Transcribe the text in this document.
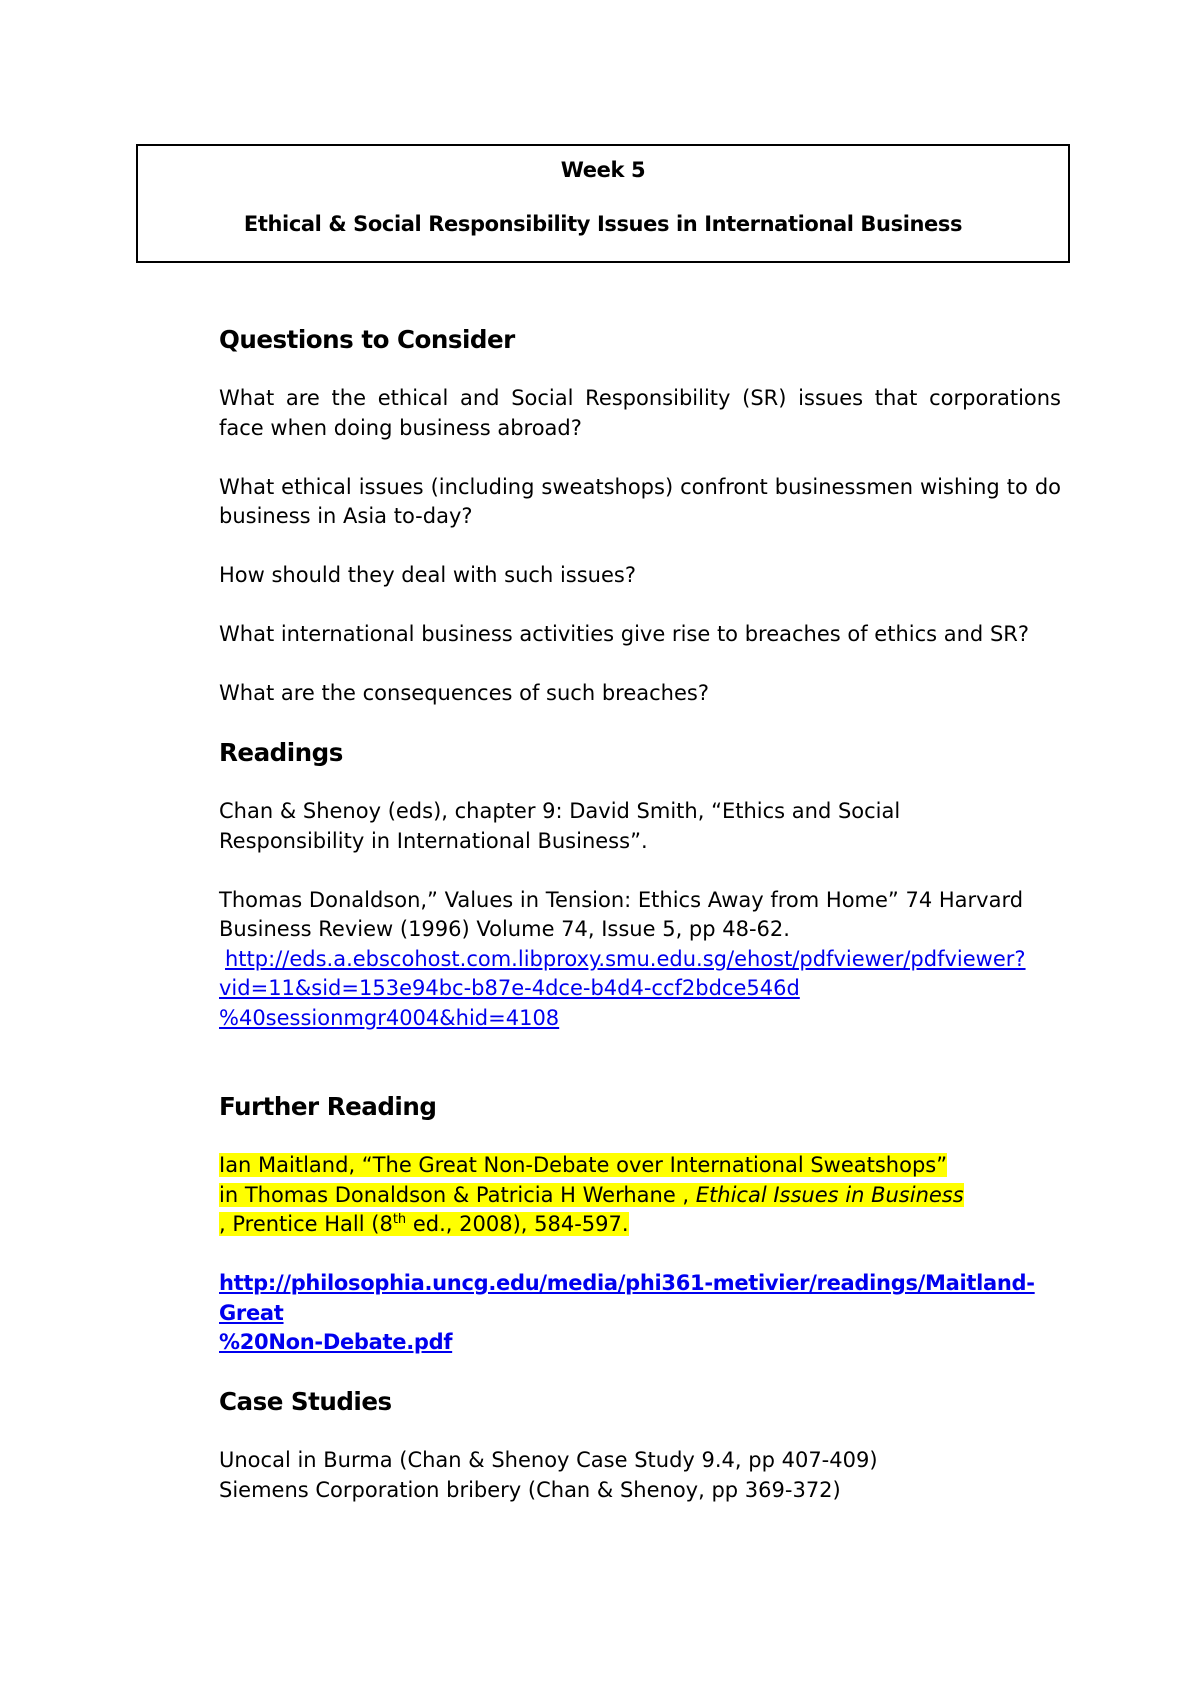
Week 5
Ethical & Social Responsibility Issues in International Business
Questions to Consider

What are the ethical and Social Responsibility (SR) issues that corporations face when doing business abroad?

What ethical issues (including sweatshops) confront businessmen wishing to do business in Asia to-day?

How should they deal with such issues?

What international business activities give rise to breaches of ethics and SR?

What are the consequences of such breaches?

Readings

Chan & Shenoy (eds), chapter 9: David Smith, “Ethics and Social Responsibility in International Business”.

Thomas Donaldson,” Values in Tension: Ethics Away from Home” 74 Harvard Business Review (1996) Volume 74, Issue 5, pp 48-62.

http://eds.a.ebscohost.com.libproxy.smu.edu.sg/ehost/pdfviewer/pdfviewer?

vid=11&sid=153e94bc-b87e-4dce-b4d4-ccf2bdce546d

%40sessionmgr4004&hid=4108

Further Reading

Ian Maitland, “The Great Non-Debate over International Sweatshops” in Thomas Donaldson & Patricia H Werhane , Ethical Issues in Business , Prentice Hall (8th ed., 2008), 584-597.

http://philosophia.uncg.edu/media/phi361-metivier/readings/Maitland-Great

%20Non-Debate.pdf

Case Studies

Unocal in Burma (Chan & Shenoy Case Study 9.4, pp 407-409)
Siemens Corporation bribery (Chan & Shenoy, pp 369-372)
